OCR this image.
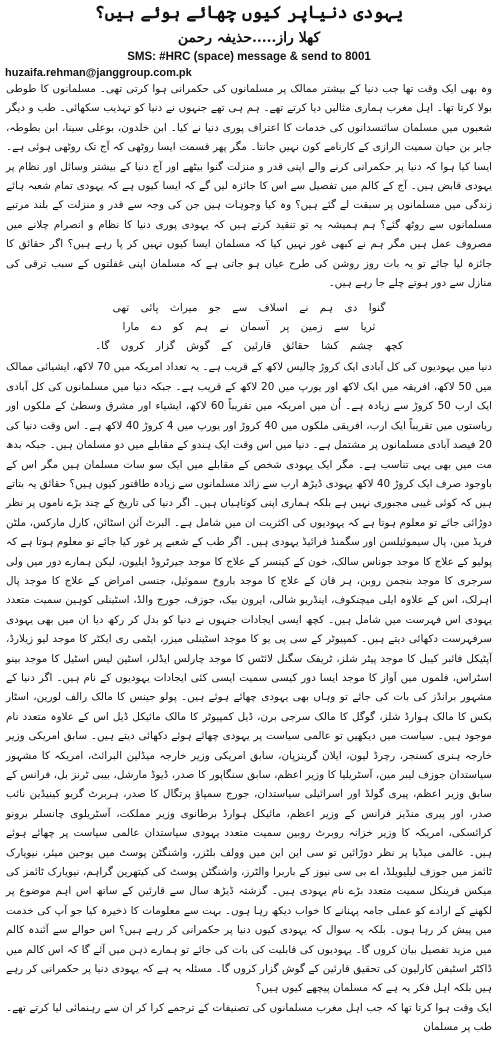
یہودی دنیاپر کیوں چھائے ہوئے ہیں؟
کھلا راز.....حذیفہ رحمن
SMS: #HRC (space) message & send to 8001
huzaifa.rehman@janggroup.com.pk

وہ بھی ایک وقت تھا جب دنیا کے بیشتر ممالک پر مسلمانوں کی حکمرانی ہوا کرتی تھی۔ مسلمانوں کا طوطی بولا کرتا تھا۔ اہل مغرب ہماری مثالیں دیا کرتے تھے۔ ہم ہی تھے جنہوں نے دنیا کو تہذیب سکھائی۔ طب و دیگر شعبوں میں مسلمان سائنسدانوں کی خدمات کا اعتراف پوری دنیا نے کیا۔ ابن خلدون، بوعلی سینا، ابن بطوطہ، جابر بن حیان سمیت الرازی کے کارنامے کون نہیں جانتا۔ مگر پھر قسمت ایسا روٹھی کہ آج تک روٹھی ہوئی ہے۔ ایسا کیا ہوا کہ دنیا پر حکمرانی کرنے والے اپنی قدر و منزلت گنوا بیٹھے اور آج دنیا کے بیشتر وسائل اور نظام پر یہودی قابض ہیں۔ آج کے کالم میں تفصیل سے اس کا جائزہ لیں گے کہ ایسا کیوں ہے کہ یہودی تمام شعبہ ہائے زندگی میں مسلمانوں پر سبقت لے گئے ہیں؟ وہ کیا وجوہات ہیں جن کی وجہ سے قدر و منزلت کے بلند مرتبے مسلمانوں سے روٹھ گئے؟ ہم ہمیشہ یہ تو تنقید کرتے ہیں کہ یہودی پوری دنیا کا نظام و انصرام چلانے میں مصروف عمل ہیں مگر ہم نے کبھی غور نہیں کیا کہ مسلمان ایسا کیوں نہیں کر پا رہے ہیں؟ اگر حقائق کا جائزہ لیا جائے تو یہ بات روز روشن کی طرح عیاں ہو جاتی ہے کہ مسلمان اپنی غفلتوں کے سبب ترقی کی منازل سے دور ہوتے چلے جا رہے ہیں۔

گنوا دی ہم نے اسلاف سے جو میراث پائی تھی
ثریا سے زمین پر آسمان نے ہم کو دے مارا
کچھ چشم کشا حقائق قارئین کے گوش گزار کروں گا۔

دنیا میں یہودیوں کی کل آبادی ایک کروڑ چالیس لاکھ کے قریب ہے۔ یہ تعداد امریکہ میں 70 لاکھ، ایشیائی ممالک میں 50 لاکھ، افریقہ میں ایک لاکھ اور یورپ میں 20 لاکھ کے قریب ہے۔ جبکہ دنیا میں مسلمانوں کی کل آبادی ایک ارب 50 کروڑ سے زیادہ ہے۔ اُن میں امریکہ میں تقریباً 60 لاکھ، ایشیاء اور مشرق وسطیٰ کے ملکوں اور ریاستوں میں تقریباً ایک ارب، افریقی ملکوں میں 40 کروڑ اور یورپ میں 4 کروڑ 40 لاکھ ہے۔ اس وقت دنیا کی 20 فیصد آبادی مسلمانوں پر مشتمل ہے۔ دنیا میں اس وقت ایک ہندو کے مقابلے میں دو مسلمان ہیں۔ جبکہ بدھ مت میں بھی یہی تناسب ہے۔ مگر ایک یہودی شخص کے مقابلے میں ایک سو سات مسلمان ہیں مگر اس کے باوجود صرف ایک کروڑ 40 لاکھ یہودی ڈیڑھ ارب سے زائد مسلمانوں سے زیادہ طاقتور کیوں ہیں؟ حقائق یہ بتاتے ہیں کہ کوئی غیبی مجبوری نہیں ہے بلکہ ہماری اپنی کوتاہیاں ہیں۔ اگر دنیا کی تاریخ کے چند بڑے ناموں پر نظر دوڑائی جائے تو معلوم ہوتا ہے کہ یہودیوں کی اکثریت ان میں شامل ہے۔ البرٹ آئن اسٹائن، کارل مارکس، ملٹن فریڈ مین، پال سیموئیلسن اور سگمنڈ فرائیڈ یہودی ہیں۔ اگر طب کے شعبے پر غور کیا جائے تو معلوم ہوتا ہے کہ پولیو کے علاج کا موجد جوناس سالک، خون کے کینسر کے علاج کا موجد جیرٹروڈ ایلیون، لیکن ہمارے دور میں ولی سرجری کا موجد بنجمن روبن، ہر قان کے علاج کا موجد باروخ سموئیل، جنسی امراض کے علاج کا موجد پال اہرلک، اس کے علاوہ ایلی میچنکوف، اینڈریو شالی، ایرون بیک، جوزف، جورج والڈ، اسٹینلی کوہین سمیت متعدد یہودی اس فہرست میں شامل ہیں۔ کچھ ایسی ایجادات جنہوں نے دنیا کو بدل کر رکھ دیا ان میں بھی یہودی سرفہرست دکھائی دیتے ہیں۔ کمپیوٹر کے سی پی یو کا موجد اسٹینلی میزر، ایٹمی ری ایکٹر کا موجد لیو زیلارڈ، آپٹیکل فائبر کیبل کا موجد پیٹر شلز، ٹریفک سگنل لائٹس کا موجد چارلس ایڈلر، اسٹین لیس اسٹیل کا موجد بینو اسٹراس، فلموں میں آواز کا موجد ایسا دور کیسی سمیت ایسی کئی ایجادات یہودیوں کے نام ہیں۔ اگر دنیا کے مشہور برانڈز کی بات کی جائے تو وہاں بھی یہودی چھائے ہوئے ہیں۔ پولو جینس کا مالک رالف لورین، اسٹار بکس کا مالک ہوارڈ شلز، گوگل کا مالک سرجی برن، ڈیل کمپیوٹر کا مالک مائیکل ڈیل اس کے علاوہ متعدد نام موجود ہیں۔ سیاست میں دیکھیں تو عالمی سیاست پر یہودی چھائے ہوئے دکھائی دیتے ہیں۔ سابق امریکی وزیر خارجہ ہنری کسنجر، رچرڈ لیون، ایلان گرینزپان، سابق امریکی وزیر خارجہ میڈلین البرائٹ، امریکہ کا مشہور سیاستدان جوزف لیبر مین، آسٹریلیا کا وزیر اعظم، سابق سنگاپور کا صدر، ڈیوڈ مارشل، بیبی ٹرنز بل، فرانس کے سابق وزیر اعظم، پیری گولڈ اور اسرائیلی سیاستدان، جورج سمپاؤ پرتگال کا صدر، ہربرٹ گریو کینیڈین نائب صدر، اور پیری منڈیز فرانس کے وزیر اعظم، مائیکل ہوارڈ برطانوی وزیر مملکت، آسٹریلوی چانسلر برونو کرائسکی، امریکہ کا وزیر خزانہ روبرٹ روبین سمیت متعدد یہودی سیاستدان عالمی سیاست پر چھائے ہوئے ہیں۔ عالمی میڈیا پر نظر دوڑائیں تو سی این این میں وولف بلٹزر، واشنگٹن پوسٹ میں یوجین میئر، نیویارک ٹائمز میں جوزف لیلیویلڈ، اے بی سی نیوز کے باربرا والٹرز، واشنگٹن پوسٹ کی کیتھرین گراہم، نیویارک ٹائمز کی میکس فرینکل سمیت متعدد بڑے نام یہودی ہیں۔ گزشتہ ڈیڑھ سال سے قارئین کے ساتھ اس اہم موضوع پر لکھنے کے ارادے کو عملی جامہ پہنانے کا خواب دیکھ رہا ہوں۔ بہت سے معلومات کا ذخیرہ کیا جو آپ کی خدمت میں پیش کر رہا ہوں۔ بلکہ یہ سوال کہ یہودی کیوں دنیا پر حکمرانی کر رہے ہیں؟ اس حوالے سے آئندہ کالم میں مزید تفصیل بیان کروں گا۔ یہودیوں کی قابلیت کی بات کی جائے تو ہمارے ذہن میں آئے گا کہ اس کالم میں ڈاکٹر اسٹیفن کارلیون کی تحقیق قارئین کے گوش گزار کروں گا۔ مسئلہ یہ ہے کہ یہودی دنیا پر حکمرانی کر رہے ہیں بلکہ اہل فکر یہ ہے کہ مسلمان پیچھے کیوں ہیں؟

ایک وقت ہوا کرتا تھا کہ جب اہل مغرب مسلمانوں کی تصنیفات کے ترجمے کرا کر ان سے رہنمائی لیا کرتے تھے۔ طب پر مسلمان
